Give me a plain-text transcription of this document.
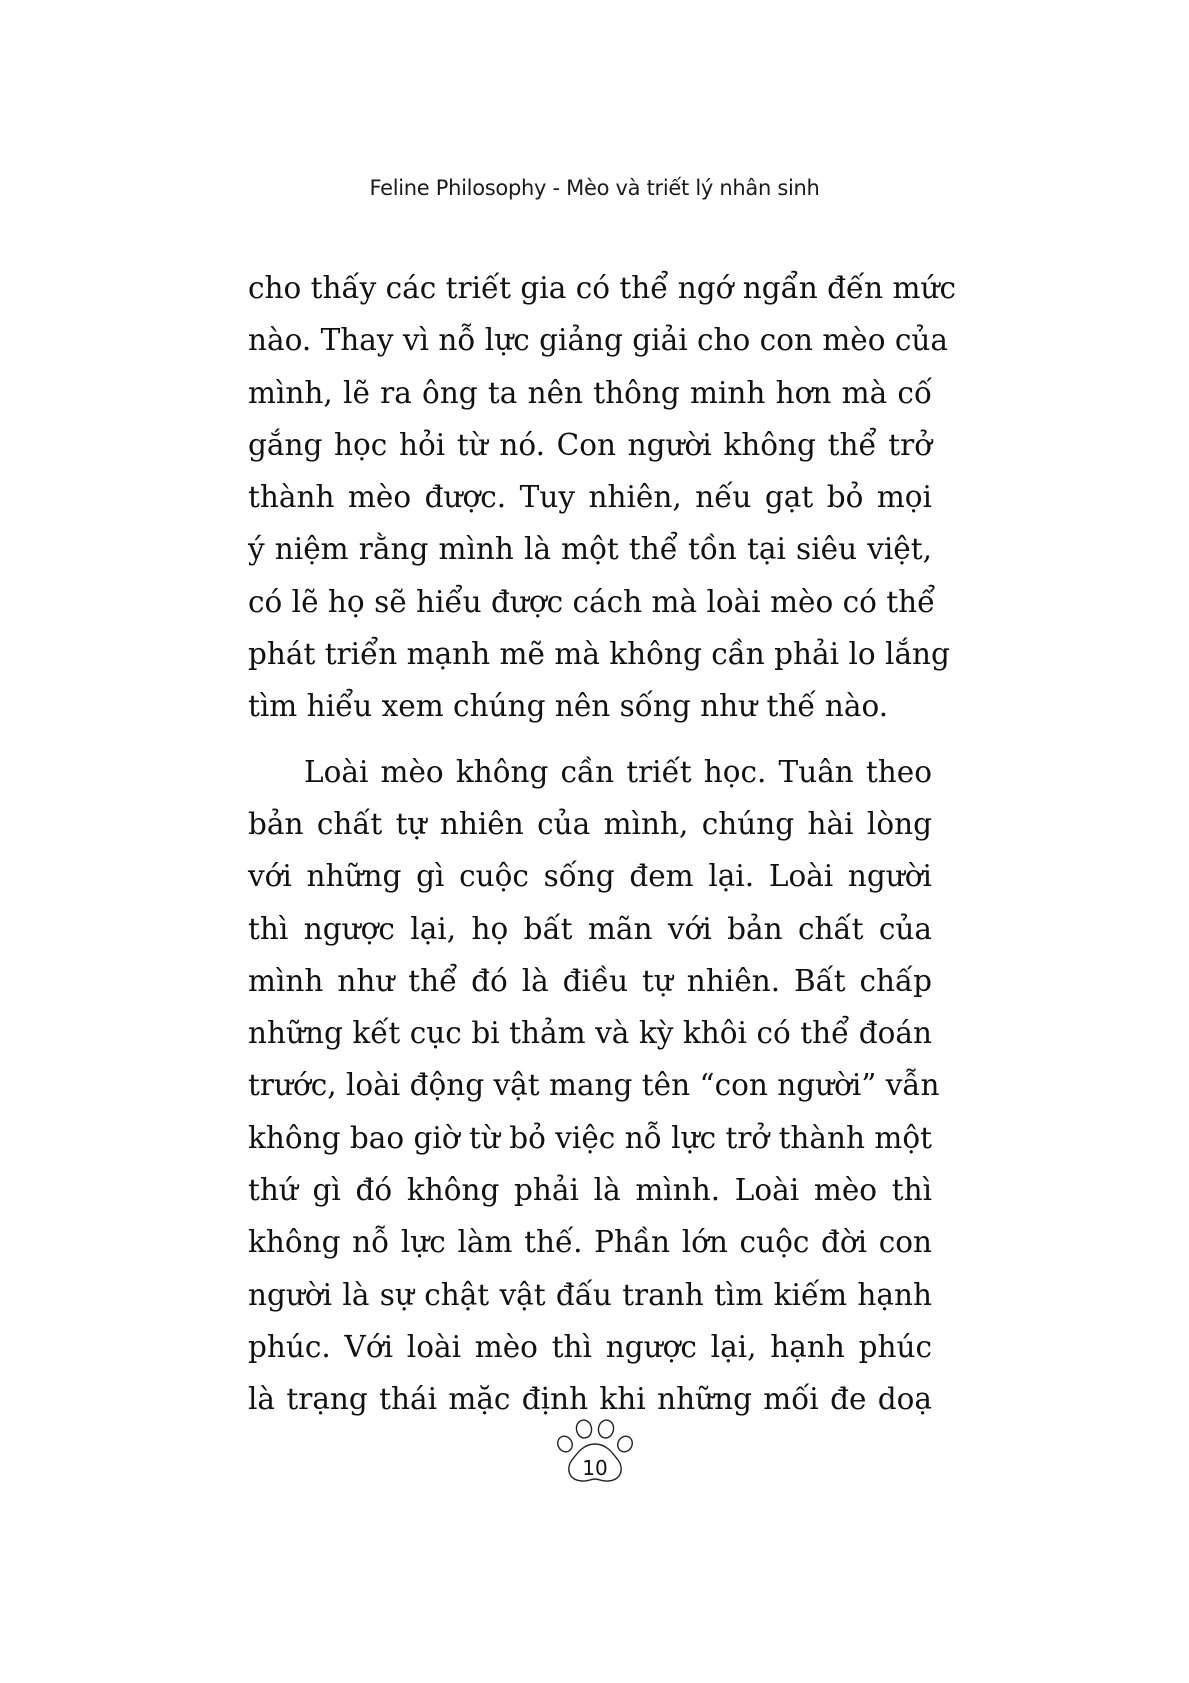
Feline Philosophy - Mèo và triết lý nhân sinh
cho thấy các triết gia có thể ngớ ngẩn đến mức
nào. Thay vì nỗ lực giảng giải cho con mèo của
mình, lẽ ra ông ta nên thông minh hơn mà cố
gắng học hỏi từ nó. Con người không thể trở
thành mèo được. Tuy nhiên, nếu gạt bỏ mọi
ý niệm rằng mình là một thể tồn tại siêu việt,
có lẽ họ sẽ hiểu được cách mà loài mèo có thể
phát triển mạnh mẽ mà không cần phải lo lắng
tìm hiểu xem chúng nên sống như thế nào.
Loài mèo không cần triết học. Tuân theo
bản chất tự nhiên của mình, chúng hài lòng
với những gì cuộc sống đem lại. Loài người
thì ngược lại, họ bất mãn với bản chất của
mình như thể đó là điều tự nhiên. Bất chấp
những kết cục bi thảm và kỳ khôi có thể đoán
trước, loài động vật mang tên “con người” vẫn
không bao giờ từ bỏ việc nỗ lực trở thành một
thứ gì đó không phải là mình. Loài mèo thì
không nỗ lực làm thế. Phần lớn cuộc đời con
người là sự chật vật đấu tranh tìm kiếm hạnh
phúc. Với loài mèo thì ngược lại, hạnh phúc
là trạng thái mặc định khi những mối đe doạ
10
